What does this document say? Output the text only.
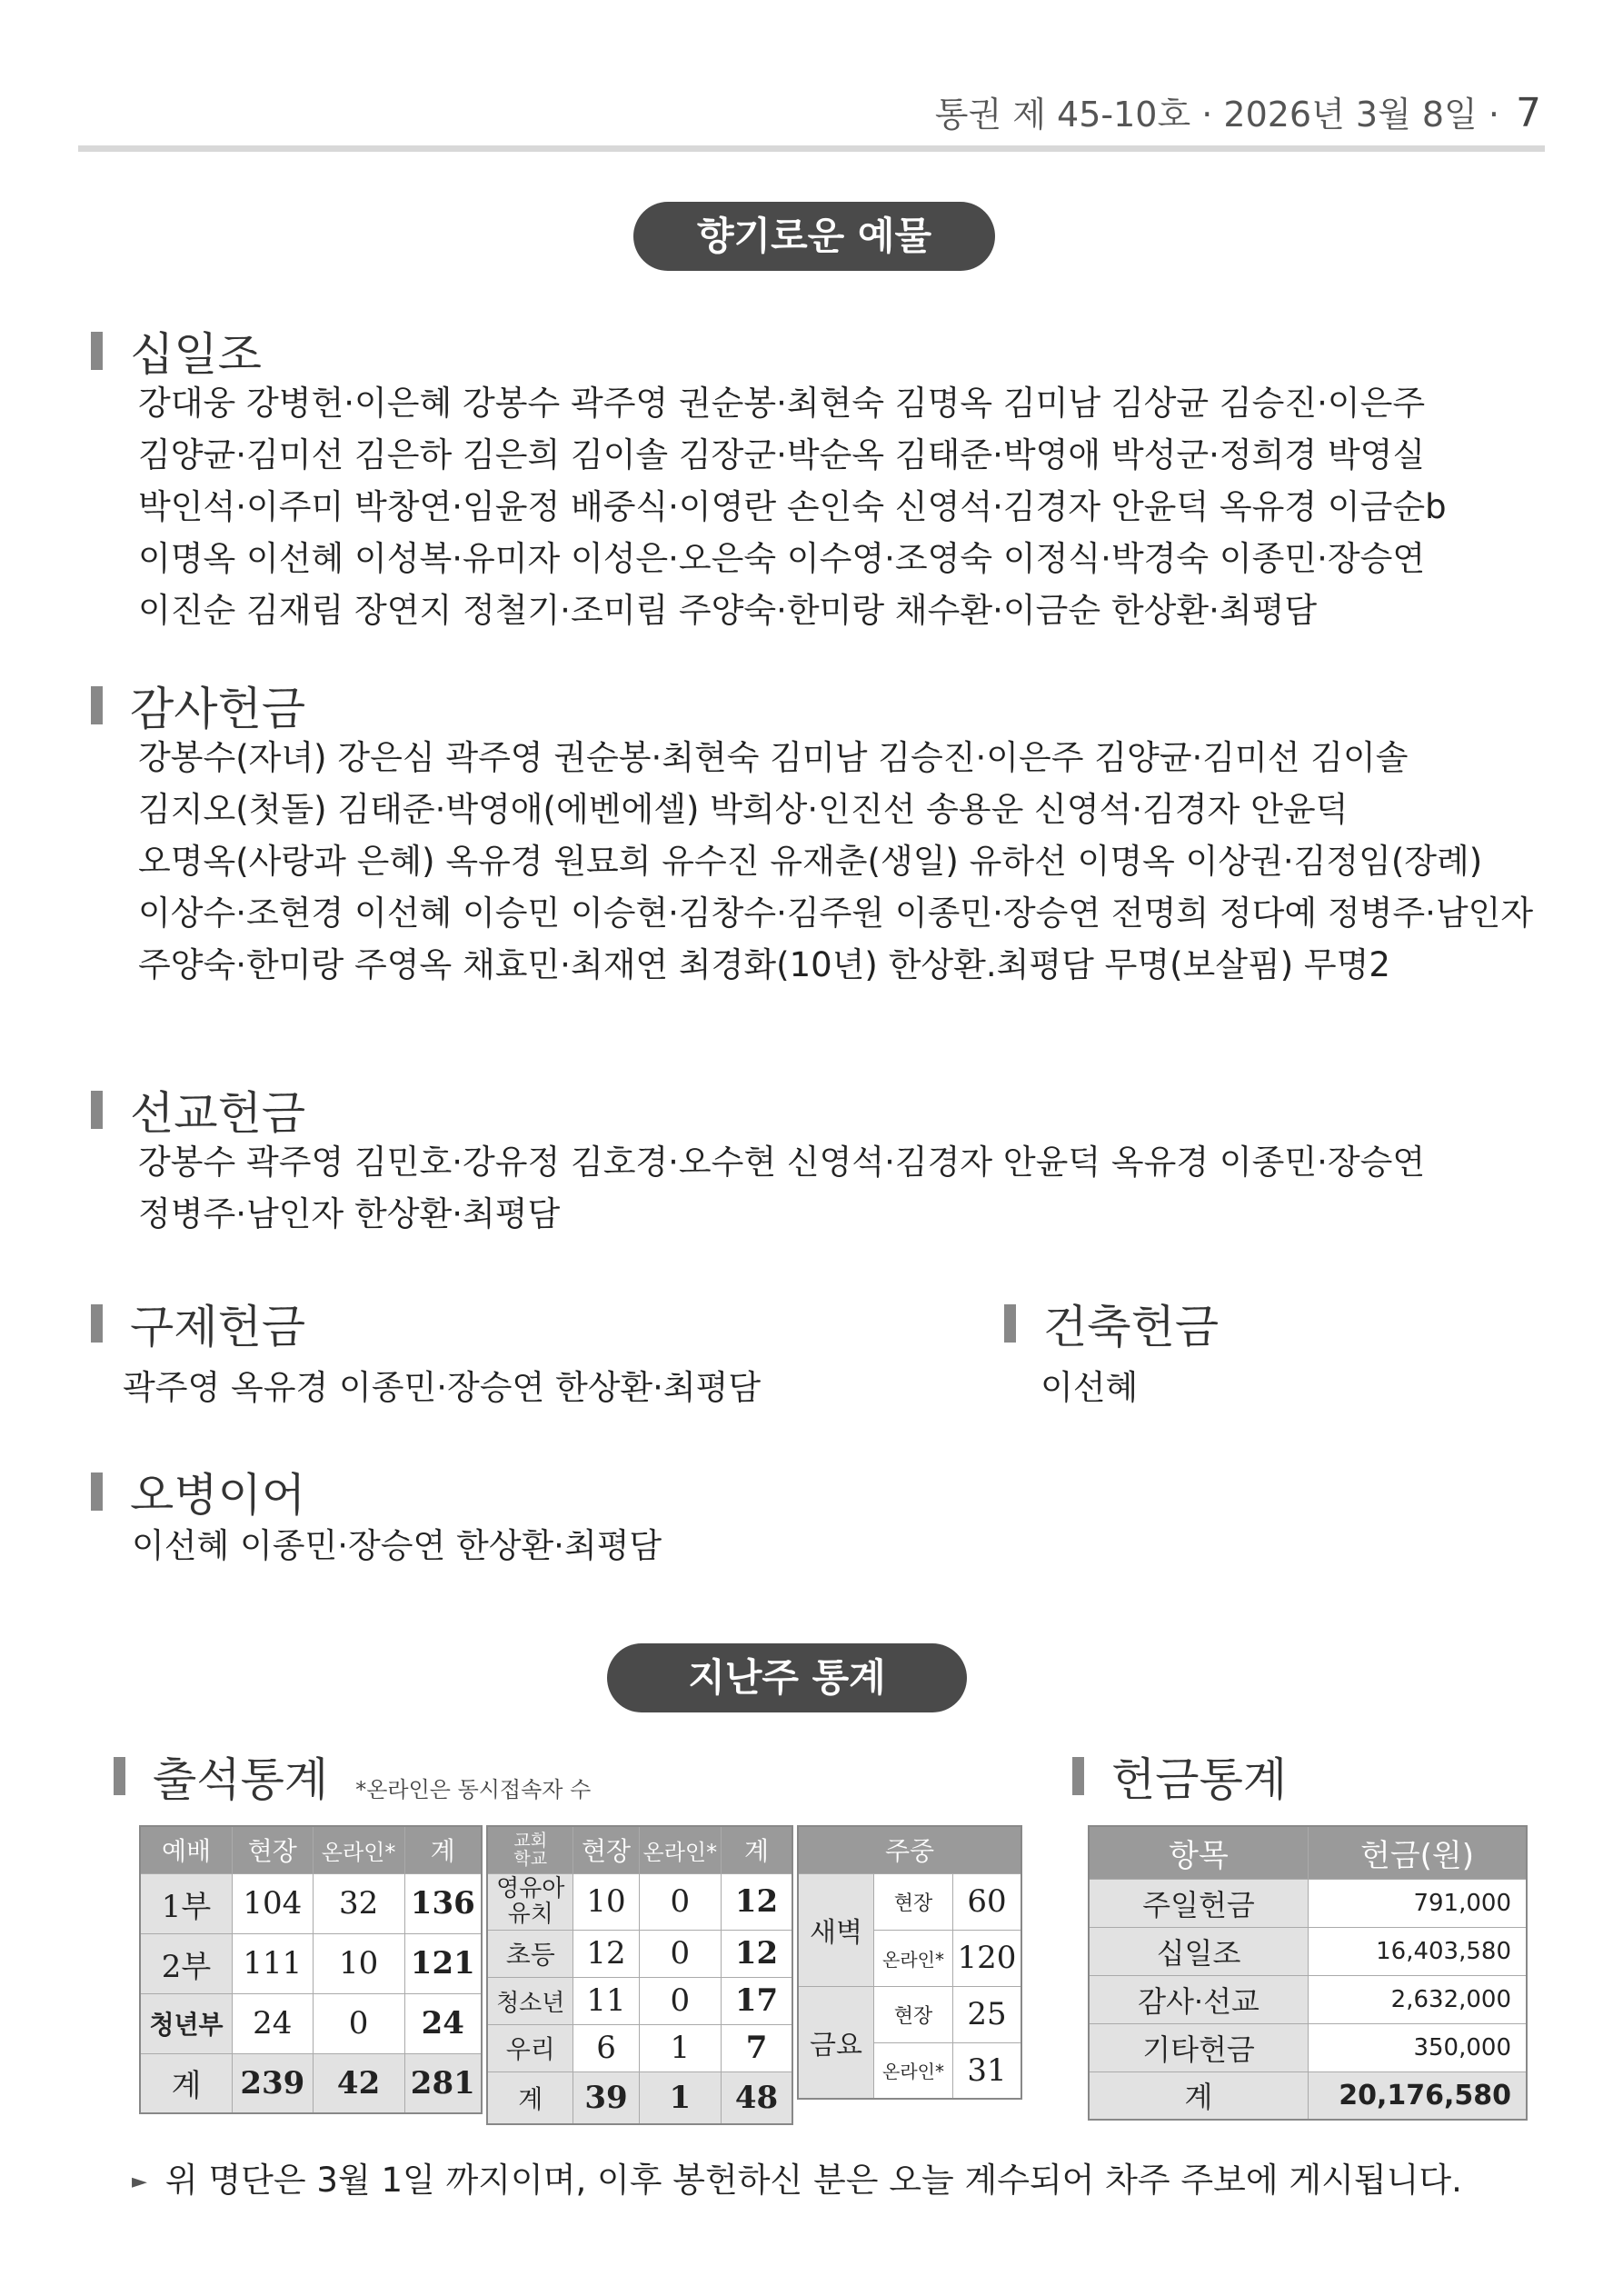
통권 제 45-10호 · 2026년 3월 8일 · 7
향기로운 예물
십일조
강대웅 강병헌·이은혜 강봉수 곽주영 권순봉·최현숙 김명옥 김미남 김상균 김승진·이은주
김양균·김미선 김은하 김은희 김이솔 김장군·박순옥 김태준·박영애 박성군·정희경 박영실
박인석·이주미 박창연·임윤정 배중식·이영란 손인숙 신영석·김경자 안윤덕 옥유경 이금순b
이명옥 이선혜 이성복·유미자 이성은·오은숙 이수영·조영숙 이정식·박경숙 이종민·장승연
이진순 김재림 장연지 정철기·조미림 주양숙·한미랑 채수환·이금순 한상환·최평담
감사헌금
강봉수(자녀) 강은심 곽주영 권순봉·최현숙 김미남 김승진·이은주 김양균·김미선 김이솔
김지오(첫돌) 김태준·박영애(에벤에셀) 박희상·인진선 송용운 신영석·김경자 안윤덕
오명옥(사랑과 은혜) 옥유경 원묘희 유수진 유재춘(생일) 유하선 이명옥 이상권·김정임(장례)
이상수·조현경 이선혜 이승민 이승현·김창수·김주원 이종민·장승연 전명희 정다예 정병주·남인자
주양숙·한미랑 주영옥 채효민·최재연 최경화(10년) 한상환.최평담 무명(보살핌) 무명2
선교헌금
강봉수 곽주영 김민호·강유정 김호경·오수현 신영석·김경자 안윤덕 옥유경 이종민·장승연
정병주·남인자 한상환·최평담
구제헌금
곽주영 옥유경 이종민·장승연 한상환·최평담
건축헌금
이선혜
오병이어
이선혜 이종민·장승연 한상환·최평담
지난주 통계
출석통계 *온라인은 동시접속자 수	헌금통계
예배	현장	온라인*	계
1부	104	32	136
2부	111	10	121
청년부	24	0	24
계	239	42	281
교회
학교	현장	온라인*	계
영유아
유치	10	0	12
초등	12	0	12
청소년	11	0	17
우리	6	1	7
계	39	1	48
주중		
새벽	현장	60
	온라인*	120
금요	현장	25
	온라인*	31
항목	헌금(원)
주일헌금	791,000
십일조	16,403,580
감사·선교	2,632,000
기타헌금	350,000
계	20,176,580
► 위 명단은 3월 1일 까지이며, 이후 봉헌하신 분은 오늘 계수되어 차주 주보에 게시됩니다.
